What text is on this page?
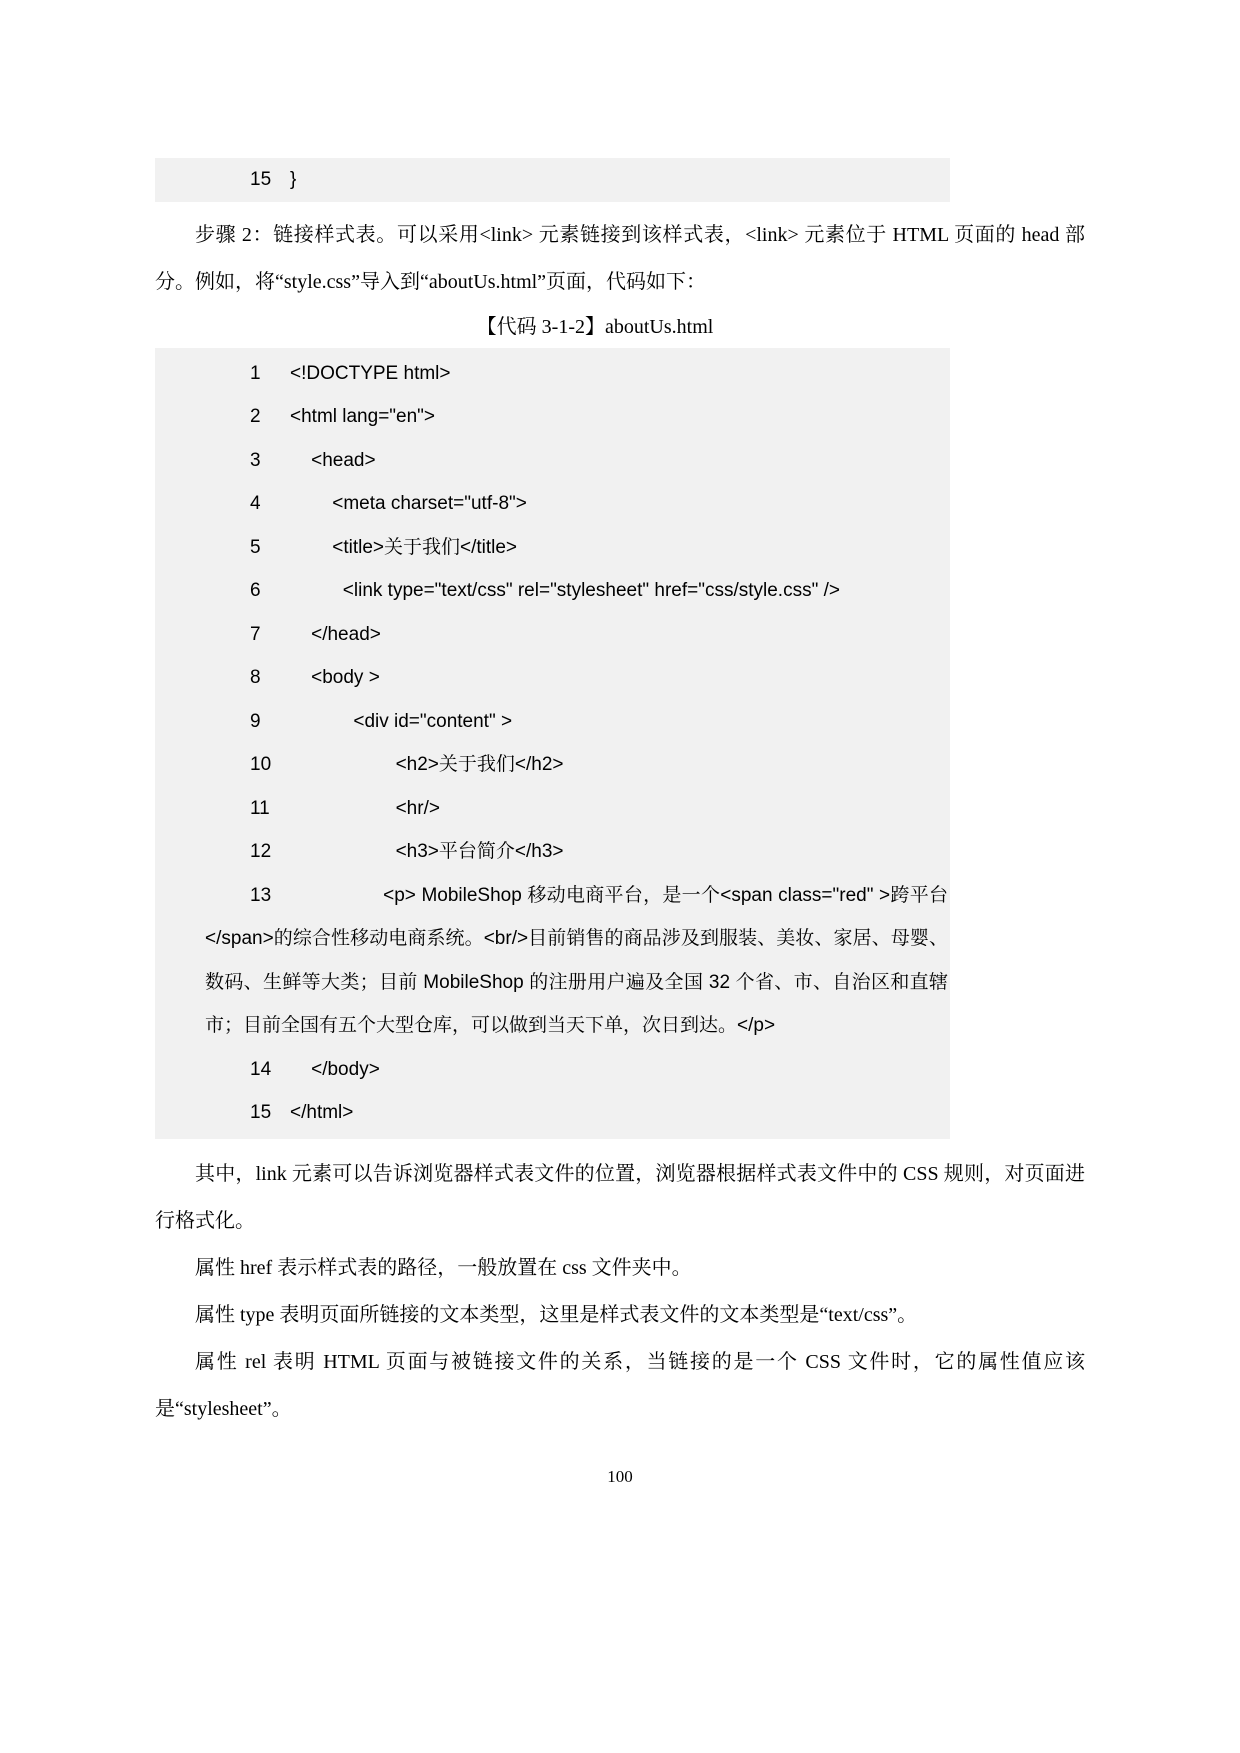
15 }

步骤 2：链接样式表。可以采用<link> 元素链接到该样式表，<link> 元素位于 HTML 页面的 head 部分。例如，将“style.css”导入到“aboutUs.html”页面，代码如下：

【代码 3-1-2】aboutUs.html
1 <!DOCTYPE html>
2 <html lang="en">
3    <head>
4        <meta charset="utf-8">
5        <title>关于我们</title>
6          <link type="text/css" rel="stylesheet" href="css/style.css" />
7    </head>
8    <body >
9            <div id="content" >
10                    <h2>关于我们</h2>
11                    <hr/>
12                    <h3>平台简介</h3>
13	<p> MobileShop 移动电商平台，是一个<span class="red" >跨平台</span>的综合性移动电商系统。<br/>目前销售的商品涉及到服装、美妆、家居、母婴、数码、生鲜等大类；目前 MobileShop 的注册用户遍及全国 32 个省、市、自治区和直辖市；目前全国有五个大型仓库，可以做到当天下单，次日到达。</p>
14    </body>
15 </html>

其中，link 元素可以告诉浏览器样式表文件的位置，浏览器根据样式表文件中的 CSS 规则，对页面进行格式化。

属性 href 表示样式表的路径，一般放置在 css 文件夹中。

属性 type 表明页面所链接的文本类型，这里是样式表文件的文本类型是“text/css”。

属性 rel 表明 HTML 页面与被链接文件的关系，当链接的是一个 CSS 文件时，它的属性值应该是“stylesheet”。

100
